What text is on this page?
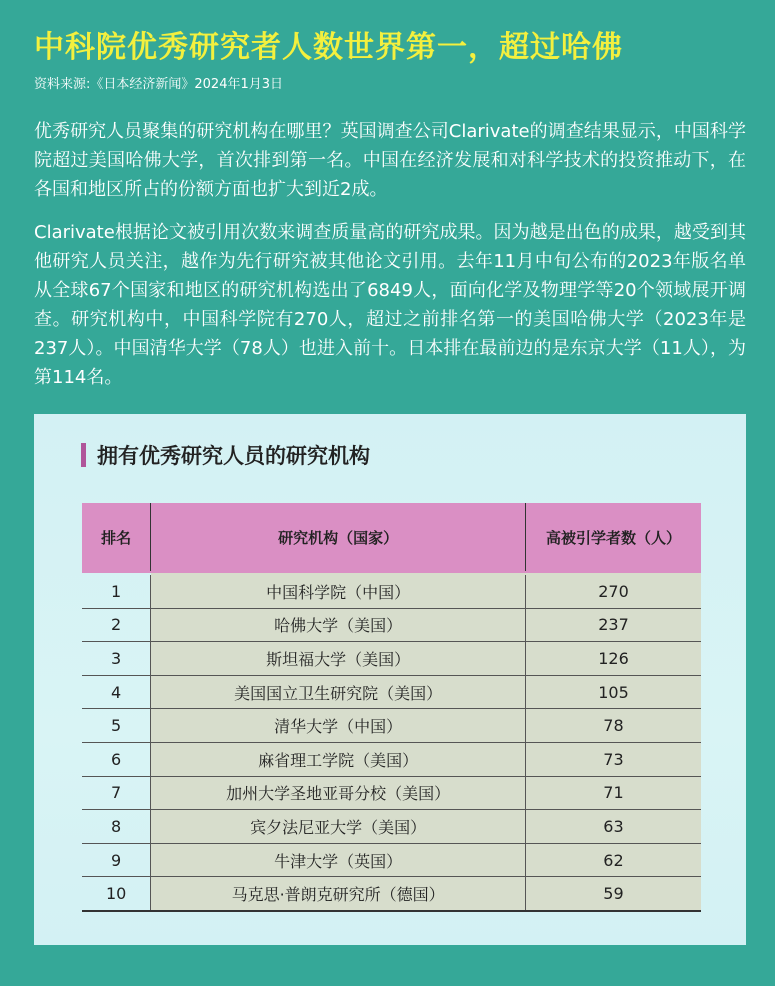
中科院优秀研究者人数世界第一，超过哈佛
资料来源:《日本经济新闻》2024年1月3日

优秀研究人员聚集的研究机构在哪里？英国调查公司Clarivate的调查结果显示，中国科学院超过美国哈佛大学，首次排到第一名。中国在经济发展和对科学技术的投资推动下，在各国和地区所占的份额方面也扩大到近2成。

Clarivate根据论文被引用次数来调查质量高的研究成果。因为越是出色的成果，越受到其他研究人员关注，越作为先行研究被其他论文引用。去年11月中旬公布的2023年版名单从全球67个国家和地区的研究机构选出了6849人，面向化学及物理学等20个领域展开调查。研究机构中，中国科学院有270人，超过之前排名第一的美国哈佛大学（2023年是237人）。中国清华大学（78人）也进入前十。日本排在最前边的是东京大学（11人），为第114名。

拥有优秀研究人员的研究机构
排名	研究机构（国家）	高被引学者数（人）
1	中国科学院（中国）	270
2	哈佛大学（美国）	237
3	斯坦福大学（美国）	126
4	美国国立卫生研究院（美国）	105
5	清华大学（中国）	78
6	麻省理工学院（美国）	73
7	加州大学圣地亚哥分校（美国）	71
8	宾夕法尼亚大学（美国）	63
9	牛津大学（英国）	62
10	马克思·普朗克研究所（德国）	59
